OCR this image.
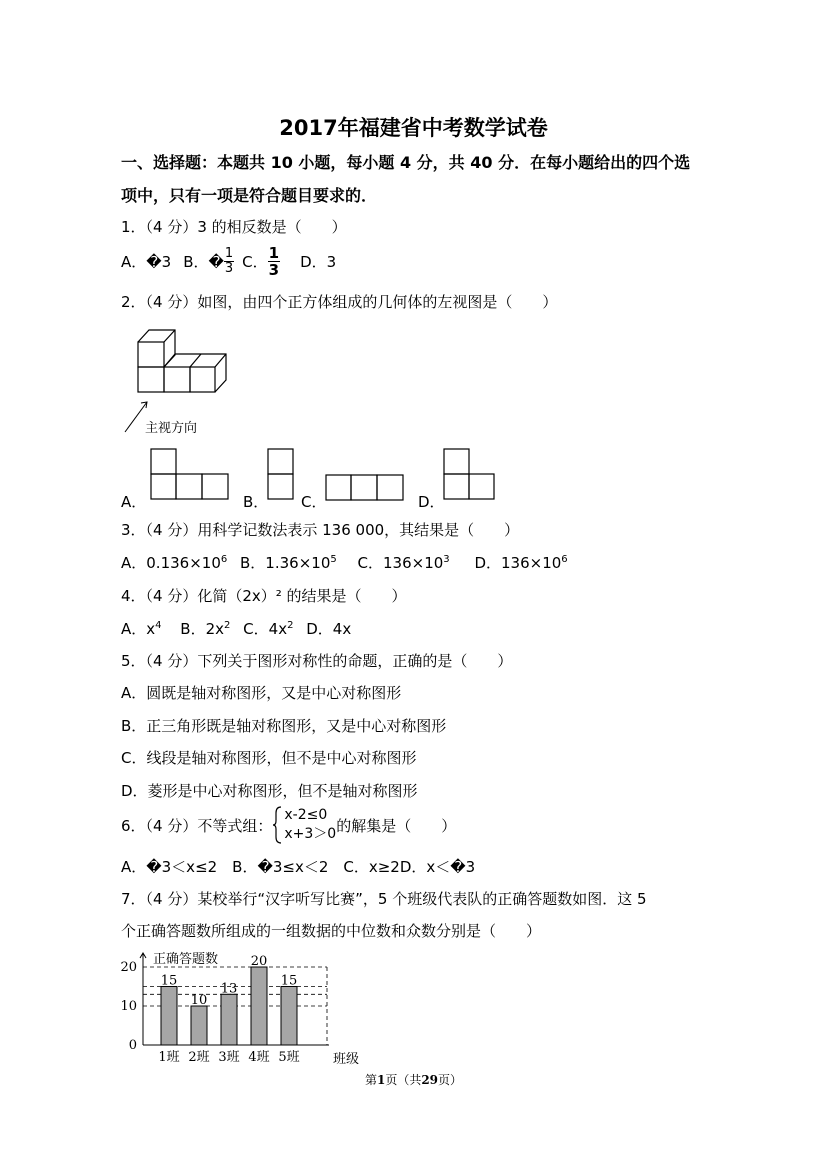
2017年福建省中考数学试卷
一、选择题：本题共 10 小题，每小题 4 分，共 40 分．在每小题给出的四个选
项中，只有一项是符合题目要求的．
1．（4 分）3 的相反数是（　　）
A．�3 B．� $\frac{1}{3}$ C． $\frac{1}{3}$ D．3
2．（4 分）如图，由四个正方体组成的几何体的左视图是（　　）
主视方向
A．	B． C．	D．
3．（4 分）用科学记数法表示 136 000，其结果是（　　）
A．$0.136\times 10^6$ B．$1.36\times 10^5$ C．$136\times 10^3$ D．$136\times 10^6$
4．（4 分）化简（2x）² 的结果是（　　）
A．$x^4$ B．$2x^2$ C．$4x^2$ D．4x
5．（4 分）下列关于图形对称性的命题，正确的是（　　）
A．圆既是轴对称图形，又是中心对称图形
B．正三角形既是轴对称图形，又是中心对称图形
C．线段是轴对称图形，但不是中心对称图形
D．菱形是中心对称图形，但不是轴对称图形
6．（4 分）不等式组：
x-2≤0
x+3＞0 的解集是（　　）
A．�3＜x≤2　B．�3≤x＜2　C．x≥2D．x＜�3
7．（4 分）某校举行“汉字听写比赛”，5 个班级代表队的正确答题数如图．这 5
个正确答题数所组成的一组数据的中位数和众数分别是（　　）
0
10
20
15
1班
10
2班
13
3班
20
4班
15
5班
正确答题数
班级
第1页（共29页）
